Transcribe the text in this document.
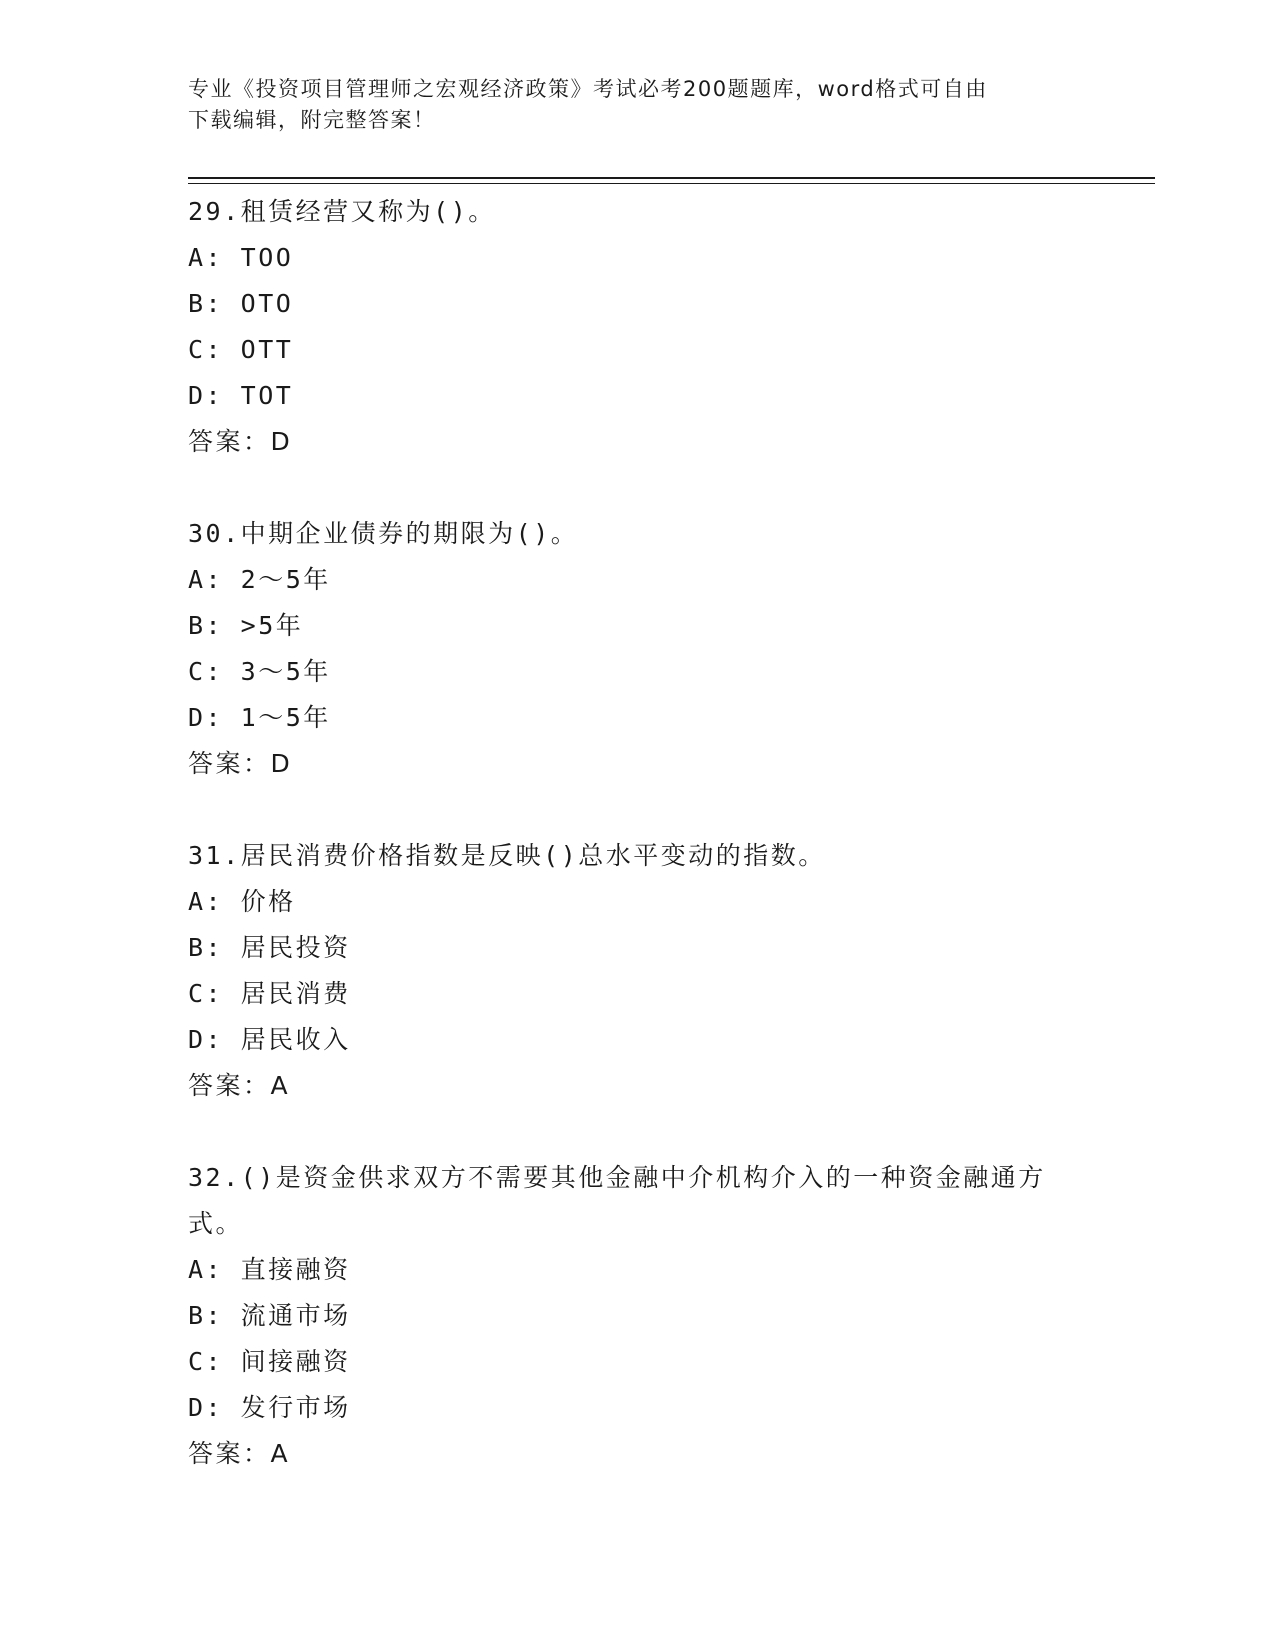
专业《投资项目管理师之宏观经济政策》考试必考200题题库，word格式可自由
下载编辑，附完整答案！
29.租赁经营又称为()。
A: TOO
B: OTO
C: OTT
D: TOT
答案：D
30.中期企业债券的期限为()。
A: 2～5年
B: >5年
C: 3～5年
D: 1～5年
答案：D
31.居民消费价格指数是反映()总水平变动的指数。
A: 价格
B: 居民投资
C: 居民消费
D: 居民收入
答案：A
32.()是资金供求双方不需要其他金融中介机构介入的一种资金融通方式。
A: 直接融资
B: 流通市场
C: 间接融资
D: 发行市场
答案：A
